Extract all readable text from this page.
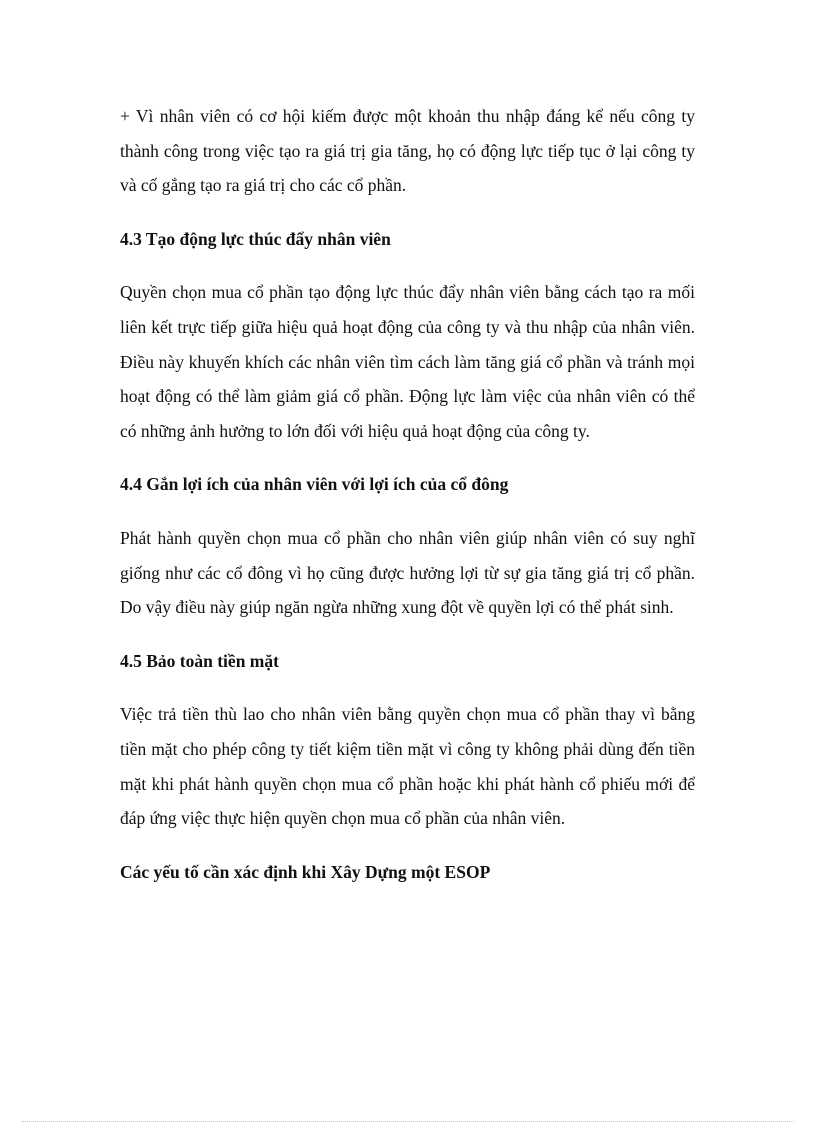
+ Vì nhân viên có cơ hội kiếm được một khoản thu nhập đáng kể nếu công ty thành công trong việc tạo ra giá trị gia tăng, họ có động lực tiếp tục ở lại công ty và cố gắng tạo ra giá trị cho các cổ phần.

4.3 Tạo động lực thúc đẩy nhân viên

Quyền chọn mua cổ phần tạo động lực thúc đẩy nhân viên bằng cách tạo ra mối liên kết trực tiếp giữa hiệu quả hoạt động của công ty và thu nhập của nhân viên. Điều này khuyến khích các nhân viên tìm cách làm tăng giá cổ phần và tránh mọi hoạt động có thể làm giảm giá cổ phần. Động lực làm việc của nhân viên có thể có những ảnh hưởng to lớn đối với hiệu quả hoạt động của công ty.

4.4 Gắn lợi ích của nhân viên với lợi ích của cổ đông

Phát hành quyền chọn mua cổ phần cho nhân viên giúp nhân viên có suy nghĩ giống như các cổ đông vì họ cũng được hưởng lợi từ sự gia tăng giá trị cổ phần. Do vậy điều này giúp ngăn ngừa những xung đột về quyền lợi có thể phát sinh.

4.5 Bảo toàn tiền mặt

Việc trả tiền thù lao cho nhân viên bằng quyền chọn mua cổ phần thay vì bằng tiền mặt cho phép công ty tiết kiệm tiền mặt vì công ty không phải dùng đến tiền mặt khi phát hành quyền chọn mua cổ phần hoặc khi phát hành cổ phiếu mới để đáp ứng việc thực hiện quyền chọn mua cổ phần của nhân viên.

Các yếu tố cần xác định khi Xây Dựng một ESOP
